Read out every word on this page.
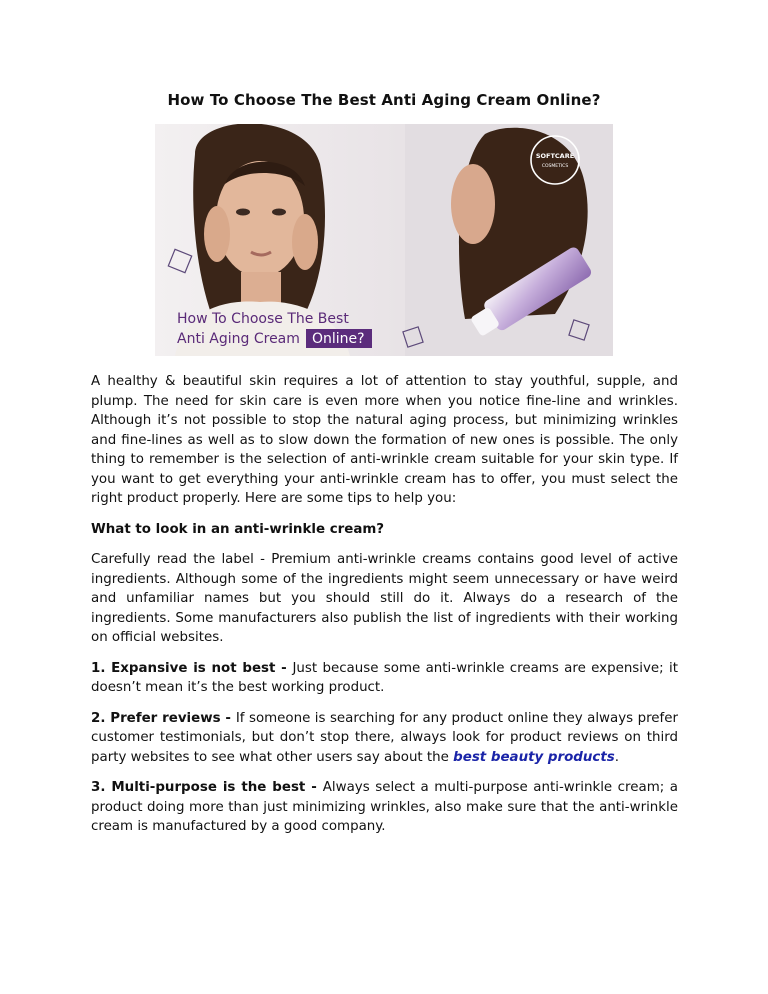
How To Choose The Best Anti Aging Cream Online?
SOFTCARE
COSMETICS
How To Choose The Best
Anti Aging Cream Online?

A healthy & beautiful skin requires a lot of attention to stay youthful, supple, and plump. The need for skin care is even more when you notice fine-line and wrinkles. Although it’s not possible to stop the natural aging process, but minimizing wrinkles and fine-lines as well as to slow down the formation of new ones is possible. The only thing to remember is the selection of anti-wrinkle cream suitable for your skin type. If you want to get everything your anti-wrinkle cream has to offer, you must select the right product properly. Here are some tips to help you:

What to look in an anti-wrinkle cream?

Carefully read the label - Premium anti-wrinkle creams contains good level of active ingredients. Although some of the ingredients might seem unnecessary or have weird and unfamiliar names but you should still do it. Always do a research of the ingredients. Some manufacturers also publish the list of ingredients with their working on official websites.

1. Expansive is not best - Just because some anti-wrinkle creams are expensive; it doesn’t mean it’s the best working product.

2. Prefer reviews - If someone is searching for any product online they always prefer customer testimonials, but don’t stop there, always look for product reviews on third party websites to see what other users say about the best beauty products.

3. Multi-purpose is the best - Always select a multi-purpose anti-wrinkle cream; a product doing more than just minimizing wrinkles, also make sure that the anti-wrinkle cream is manufactured by a good company.
